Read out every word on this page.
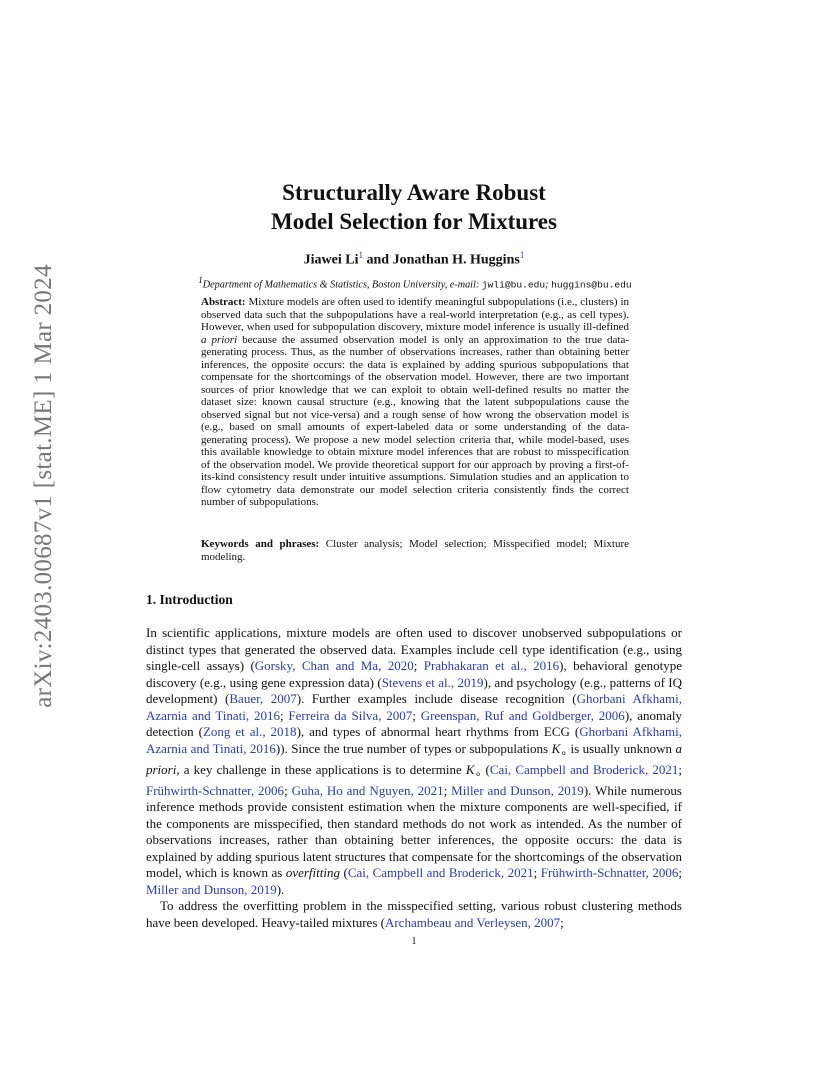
arXiv:2403.00687v1 [stat.ME] 1 Mar 2024
Structurally Aware Robust
Model Selection for Mixtures

Jiawei Li$^1$ and Jonathan H. Huggins$^1$

$^1$Department of Mathematics & Statistics, Boston University, e-mail: jwli@bu.edu; huggins@bu.edu

Abstract: Mixture models are often used to identify meaningful subpopulations (i.e., clusters) in observed data such that the subpopulations have a real-world interpretation (e.g., as cell types). However, when used for subpopulation discovery, mixture model inference is usually ill-defined a priori because the assumed observation model is only an approximation to the true data-generating process. Thus, as the number of observations increases, rather than obtaining better inferences, the opposite occurs: the data is explained by adding spurious subpopulations that compensate for the shortcomings of the observation model. However, there are two important sources of prior knowledge that we can exploit to obtain well-defined results no matter the dataset size: known causal structure (e.g., knowing that the latent subpopulations cause the observed signal but not vice-versa) and a rough sense of how wrong the observation model is (e.g., based on small amounts of expert-labeled data or some understanding of the data-generating process). We propose a new model selection criteria that, while model-based, uses this available knowledge to obtain mixture model inferences that are robust to misspecification of the observation model. We provide theoretical support for our approach by proving a first-of-its-kind consistency result under intuitive assumptions. Simulation studies and an application to flow cytometry data demonstrate our model selection criteria consistently finds the correct number of subpopulations.

Keywords and phrases: Cluster analysis; Model selection; Misspecified model; Mixture modeling.

1. Introduction

In scientific applications, mixture models are often used to discover unobserved subpopulations or distinct types that generated the observed data. Examples include cell type identification (e.g., using single-cell assays) (Gorsky, Chan and Ma, 2020; Prabhakaran et al., 2016), behavioral genotype discovery (e.g., using gene expression data) (Stevens et al., 2019), and psychology (e.g., patterns of IQ development) (Bauer, 2007). Further examples include disease recognition (Ghorbani Afkhami, Azarnia and Tinati, 2016; Ferreira da Silva, 2007; Greenspan, Ruf and Goldberger, 2006), anomaly detection (Zong et al., 2018), and types of abnormal heart rhythms from ECG (Ghorbani Afkhami, Azarnia and Tinati, 2016)). Since the true number of types or subpopulations $K_\circ$ is usually unknown a priori, a key challenge in these applications is to determine $K_\circ$ (Cai, Campbell and Broderick, 2021; Frühwirth-Schnatter, 2006; Guha, Ho and Nguyen, 2021; Miller and Dunson, 2019). While numerous inference methods provide consistent estimation when the mixture components are well-specified, if the components are misspecified, then standard methods do not work as intended. As the number of observations increases, rather than obtaining better inferences, the opposite occurs: the data is explained by adding spurious latent structures that compensate for the shortcomings of the observation model, which is known as overfitting (Cai, Campbell and Broderick, 2021; Frühwirth-Schnatter, 2006; Miller and Dunson, 2019).

To address the overfitting problem in the misspecified setting, various robust clustering methods have been developed. Heavy-tailed mixtures (Archambeau and Verleysen, 2007;

1
